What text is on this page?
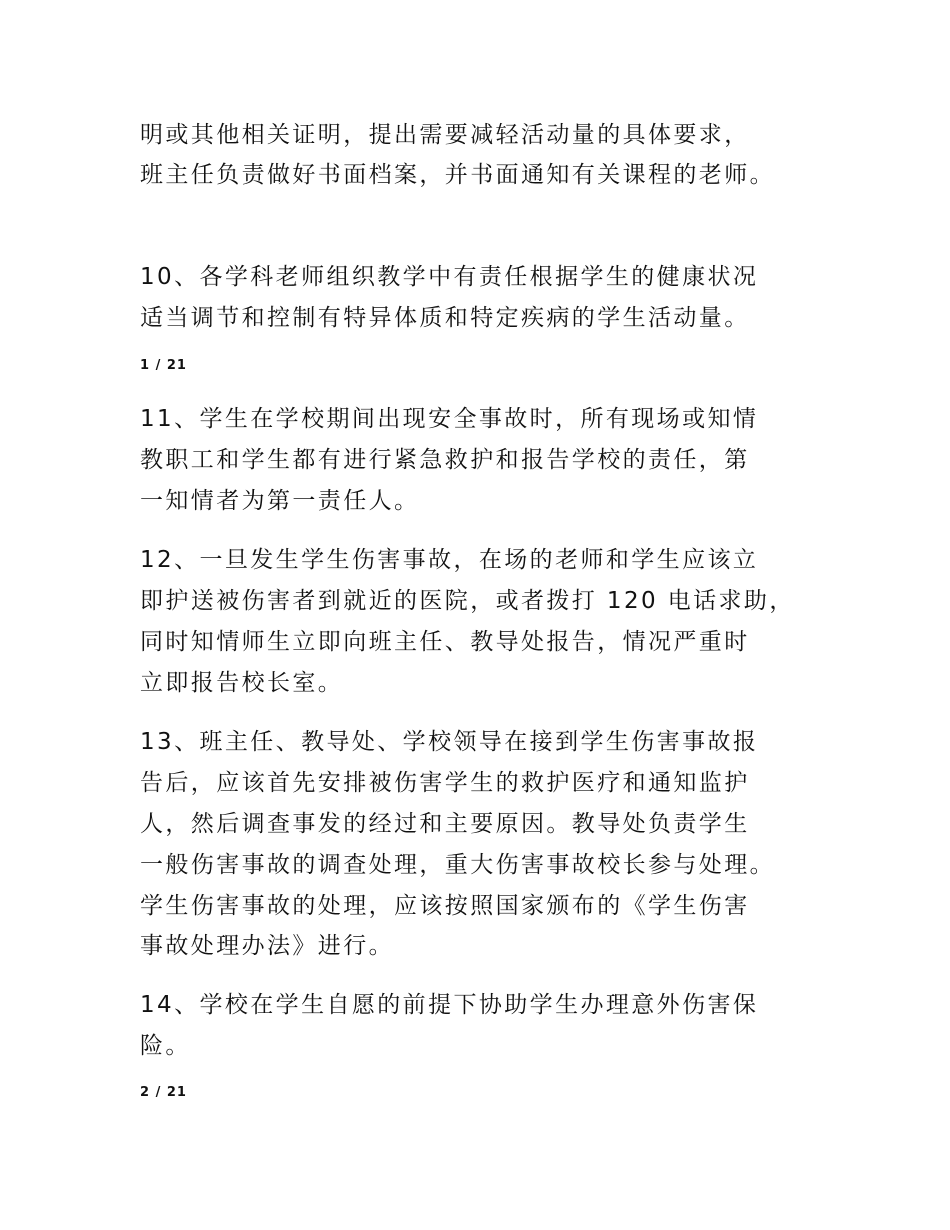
明或其他相关证明，提出需要减轻活动量的具体要求，
班主任负责做好书面档案，并书面通知有关课程的老师。
10、各学科老师组织教学中有责任根据学生的健康状况
适当调节和控制有特异体质和特定疾病的学生活动量。
1 / 21
11、学生在学校期间出现安全事故时，所有现场或知情
教职工和学生都有进行紧急救护和报告学校的责任，第
一知情者为第一责任人。
12、一旦发生学生伤害事故，在场的老师和学生应该立
即护送被伤害者到就近的医院，或者拨打 120 电话求助，
同时知情师生立即向班主任、教导处报告，情况严重时
立即报告校长室。
13、班主任、教导处、学校领导在接到学生伤害事故报
告后，应该首先安排被伤害学生的救护医疗和通知监护
人，然后调查事发的经过和主要原因。教导处负责学生
一般伤害事故的调查处理，重大伤害事故校长参与处理。
学生伤害事故的处理，应该按照国家颁布的《学生伤害
事故处理办法》进行。
14、学校在学生自愿的前提下协助学生办理意外伤害保
险。
2 / 21
